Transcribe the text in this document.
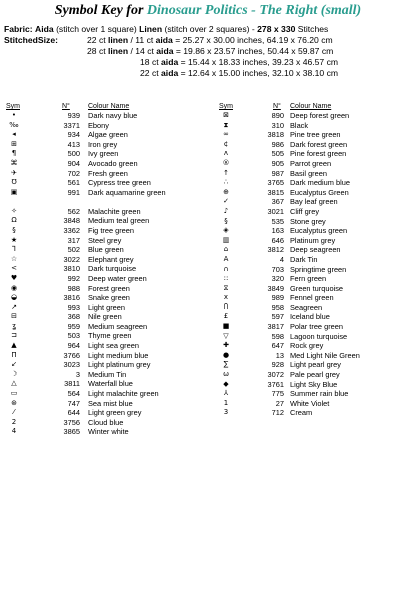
Symbol Key for Dinosaur Politics - The Right (small)
Fabric: Aida (stitch over 1 square) Linen (stitch over 2 squares) - 278 x 330 Stitches
StitchedSize:	22 ct linen / 11 ct aida = 25.27 x 30.00 inches, 64.19 x 76.20 cm
28 ct linen / 14 ct aida = 19.86 x 23.57 inches, 50.44 x 59.87 cm
18 ct aida = 15.44 x 18.33 inches, 39.23 x 46.57 cm
22 ct aida = 12.64 x 15.00 inches, 32.10 x 38.10 cm
Sym	N°	Colour Name	Sym	N° Colour Name
•	939 Dark navy blue
‰	3371 Ebony
◂	934 Algae green
⊞	413 Iron grey
¶	500 Ivy green
⌘	904 Avocado green
✈	702 Fresh green
℧	561 Cypress tree green
▣	991 Dark aquamarine green
✧	562 Malachite green
Ω	3848 Medium teal green
§	3362 Fig tree green
★	317 Steel grey
⅂	502 Blue green
☆	3022 Elephant grey
<	3810 Dark turquoise
♥	992 Deep water green
◉	988 Forest green
◒	3816 Snake green
↗	993 Light green
⊟	368 Nile green
ʓ	959 Medium seagreen
⊐	503 Thyme green
▲	964 Light sea green
Π	3766 Light medium blue
↙	3023 Light platinum grey
☽	3 Medium Tin
△	3811 Waterfall blue
▭	564 Light malachite green
⊛	747 Sea mist blue
⁄	644 Light green grey
2	3756 Cloud blue
4	3865 Winter white
⊠	890 Deep forest green
⧗	310 Black
∞	3818 Pine tree green
¢	986 Dark forest green
ʌ	505 Pine forest green
®	905 Parrot green
↑	987 Basil green
∴	3765 Dark medium blue
⊕	3815 Eucalyptus Green
✓	367 Bay leaf green
♪	3021 Cliff grey
§	535 Stone grey
◈	163 Eucalyptus green
▥	646 Platinum grey
⌂	3812 Deep seagreen
A	4 Dark Tin
∩	703 Springtime green
::	320 Fern green
⧖	3849 Green turquoise
x	989 Fennel green
Ⴖ	958 Seagreen
£	597 Iceland blue
■	3817 Polar tree green
▽	598 Lagoon turquoise
✚	647 Rock grey
●	13 Med Light Nile Green
∑	928 Light pearl grey
ω	3072 Pale pearl grey
◆	3761 Light Sky Blue
⅄	775 Summer rain blue
1	27 White Violet
3	712 Cream
